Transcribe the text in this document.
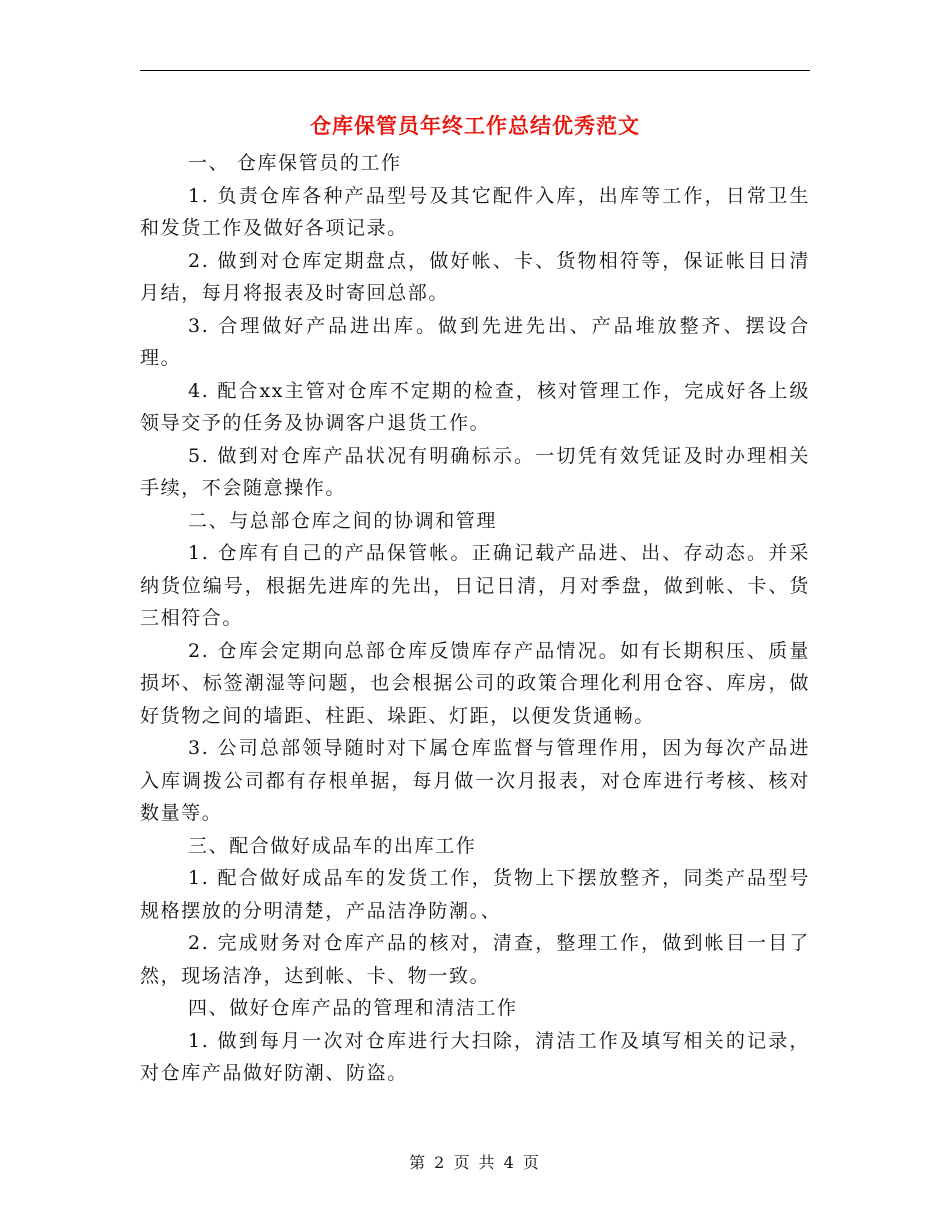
仓库保管员年终工作总结优秀范文

一、 仓库保管员的工作

1. 负责仓库各种产品型号及其它配件入库，出库等工作，日常卫生和发货工作及做好各项记录。

2. 做到对仓库定期盘点，做好帐、卡、货物相符等，保证帐目日清月结，每月将报表及时寄回总部。

3. 合理做好产品进出库。做到先进先出、产品堆放整齐、摆设合理。

4. 配合xx主管对仓库不定期的检查，核对管理工作，完成好各上级领导交予的任务及协调客户退货工作。

5. 做到对仓库产品状况有明确标示。一切凭有效凭证及时办理相关手续，不会随意操作。

二、与总部仓库之间的协调和管理

1. 仓库有自己的产品保管帐。正确记载产品进、出、存动态。并采纳货位编号，根据先进库的先出，日记日清，月对季盘，做到帐、卡、货三相符合。

2. 仓库会定期向总部仓库反馈库存产品情况。如有长期积压、质量损坏、标签潮湿等问题，也会根据公司的政策合理化利用仓容、库房，做好货物之间的墙距、柱距、垛距、灯距，以便发货通畅。

3. 公司总部领导随时对下属仓库监督与管理作用，因为每次产品进入库调拨公司都有存根单据，每月做一次月报表，对仓库进行考核、核对数量等。

三、配合做好成品车的出库工作

1. 配合做好成品车的发货工作，货物上下摆放整齐，同类产品型号规格摆放的分明清楚，产品洁净防潮。、

2. 完成财务对仓库产品的核对，清查，整理工作，做到帐目一目了然，现场洁净，达到帐、卡、物一致。

四、做好仓库产品的管理和清洁工作

1. 做到每月一次对仓库进行大扫除，清洁工作及填写相关的记录，对仓库产品做好防潮、防盗。

第 2 页 共 4 页
